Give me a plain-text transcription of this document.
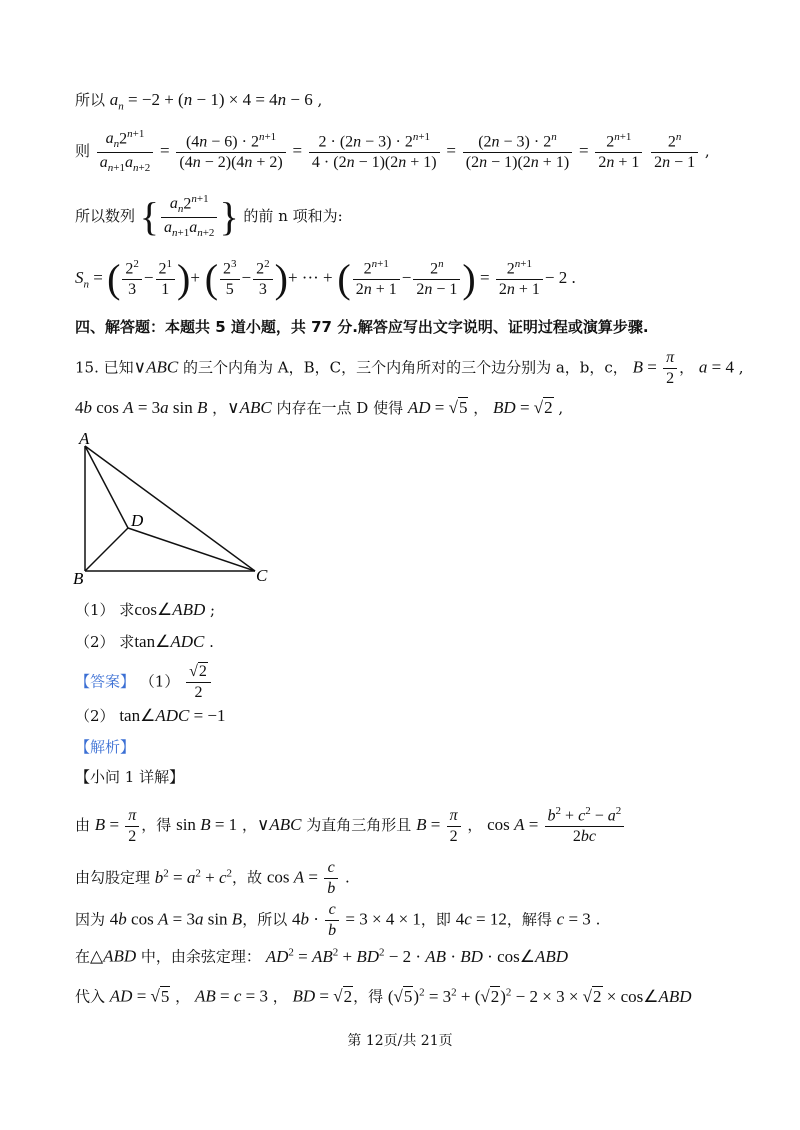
所以 $a_n = -2 + (n - 1) \times 4 = 4n - 6$ ,
则 $\frac{a_n2^{n+1}}{a_{n+1}a_{n+2}} = \frac{(4n - 6) \cdot 2^{n+1}}{(4n - 2)(4n + 2)} = \frac{2 \cdot (2n - 3) \cdot 2^{n+1}}{4 \cdot (2n - 1)(2n + 1)} = \frac{(2n - 3) \cdot 2^n}{(2n - 1)(2n + 1)} = \frac{2^{n+1}}{2n + 1}$
$\frac{2^n}{2n - 1}$ ,
所以数列 { $\frac{a_n2^{n+1}}{a_{n+1}a_{n+2}}$ } 的前 n 项和为:
$S_n$ = ( $\frac{2^2}{3} - \frac{2^1}{1}$ )+ ( $\frac{2^3}{5} - \frac{2^2}{3}$ )+ ··· + ( $\frac{2^{n+1}}{2n + 1} - \frac{2^n}{2n - 1}$ ) = $\frac{2^{n+1}}{2n + 1} - 2$ .
四、解答题：本题共 5 道小题，共 77 分.解答应写出文字说明、证明过程或演算步骤.
15. 已知∨ABC 的三个内角为 A，B，C，三个内角所对的三个边分别为 a，b，c， $B = \frac{\pi}{2}$ ， a = 4 ,
4b cos A = 3a sin B ，∨ABC 内存在一点 D 使得 AD = √5 ， BD = √2 ,
A
B	C
D
（1） 求cos∠ABD ;
（2） 求tan∠ADC .
【答案】 $(1) \frac{√2}{2}$
（2） tan∠ADC = −1
【解析】
【小问 1 详解】
由 $B = \frac{\pi}{2}$ ，得 sin B = 1 ，∨ABC 为直角三角形且 $B = \frac{\pi}{2}$ ， $\cos A = \frac{b^2 + c^2 - a^2}{2bc}$
由勾股定理 $b^2 = a^2 + c^2$，故 $\cos A = \frac{c}{b}$ .
因为 4b cos A = 3a sin B，所以 $4b \cdot \frac{c}{b} = 3 \times 4 \times 1$，即 4c = 12，解得 c = 3 .
在△ABD 中，由余弦定理： $AD^2 = AB^2 + BD^2 - 2$ · AB · BD · cos∠ABD
代入 AD = √5 ， AB = c = 3 ， BD = √2，得 $(√5)^2 = 3^2 + (√2)^2 - 2 \times 3 \times √2$ × cos∠ABD
第 12页/共 21页
